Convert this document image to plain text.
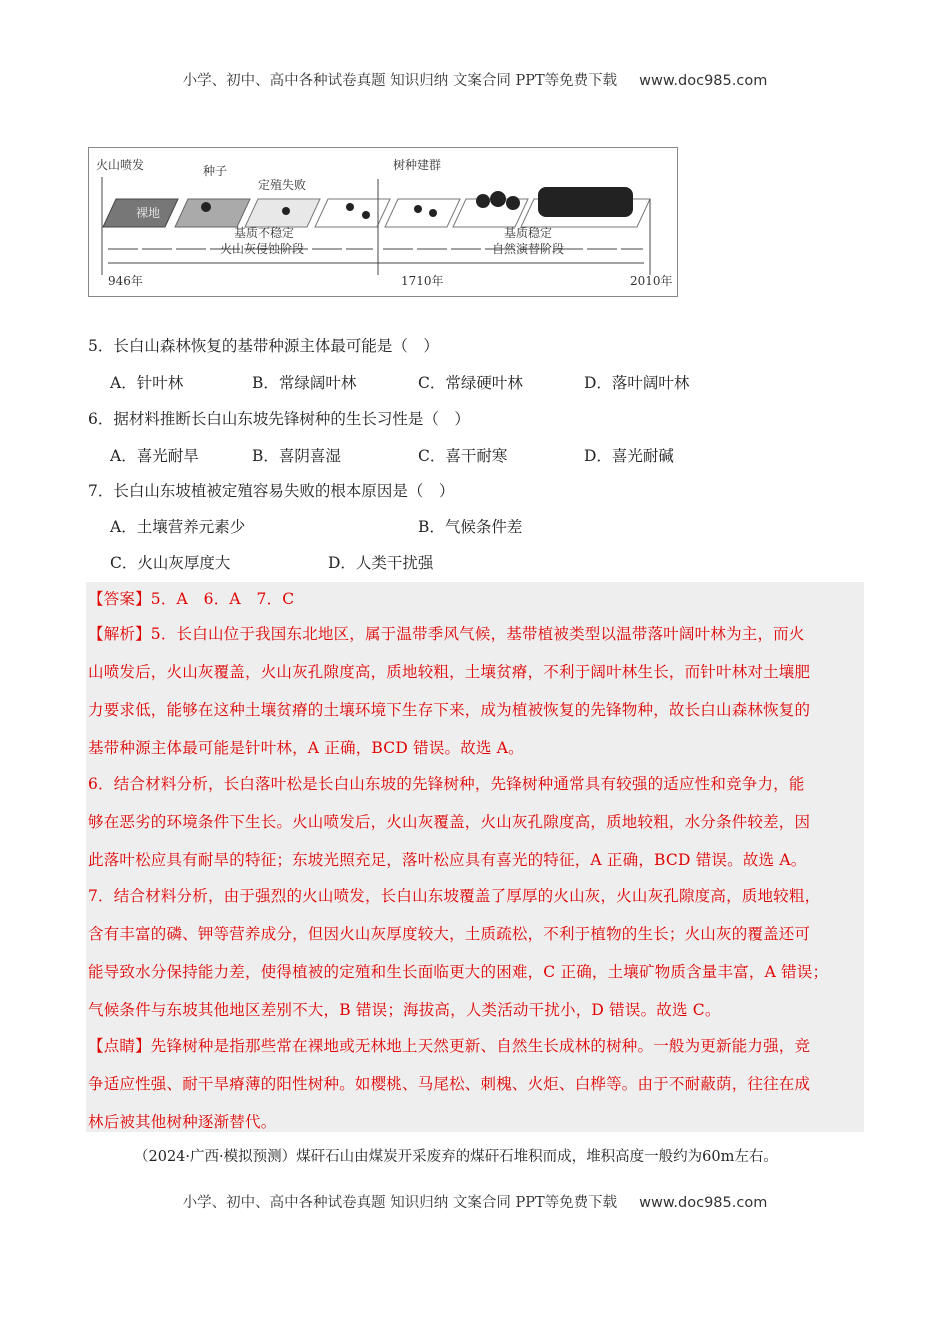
小学、初中、高中各种试卷真题 知识归纳 文案合同 PPT等免费下载 www.doc985.com
火山喷发	种子
定殖失败
树种建群
裸地
基质不稳定
火山灰侵蚀阶段
基质稳定
自然演替阶段
946年	1710年	2010年
5．长白山森林恢复的基带种源主体最可能是（　）
A．针叶林	B．常绿阔叶林	C．常绿硬叶林	D．落叶阔叶林
6．据材料推断长白山东坡先锋树种的生长习性是（　）
A．喜光耐旱	B．喜阴喜湿	C．喜干耐寒	D．喜光耐碱
7．长白山东坡植被定殖容易失败的根本原因是（　）
A．土壤营养元素少	B．气候条件差
C．火山灰厚度大	D．人类干扰强
【答案】5．A　6．A　7．C
【解析】5．长白山位于我国东北地区，属于温带季风气候，基带植被类型以温带落叶阔叶林为主，而火
山喷发后，火山灰覆盖，火山灰孔隙度高，质地较粗，土壤贫瘠，不利于阔叶林生长，而针叶林对土壤肥
力要求低，能够在这种土壤贫瘠的土壤环境下生存下来，成为植被恢复的先锋物种，故长白山森林恢复的
基带种源主体最可能是针叶林，A 正确，BCD 错误。故选 A。
6．结合材料分析，长白落叶松是长白山东坡的先锋树种，先锋树种通常具有较强的适应性和竞争力，能
够在恶劣的环境条件下生长。火山喷发后，火山灰覆盖，火山灰孔隙度高，质地较粗，水分条件较差，因
此落叶松应具有耐旱的特征；东坡光照充足，落叶松应具有喜光的特征，A 正确，BCD 错误。故选 A。
7．结合材料分析，由于强烈的火山喷发，长白山东坡覆盖了厚厚的火山灰，火山灰孔隙度高，质地较粗，
含有丰富的磷、钾等营养成分，但因火山灰厚度较大，土质疏松，不利于植物的生长；火山灰的覆盖还可
能导致水分保持能力差，使得植被的定殖和生长面临更大的困难，C 正确，土壤矿物质含量丰富，A 错误；
气候条件与东坡其他地区差别不大，B 错误；海拔高，人类活动干扰小，D 错误。故选 C。
【点睛】先锋树种是指那些常在裸地或无林地上天然更新、自然生长成林的树种。一般为更新能力强，竞
争适应性强、耐干旱瘠薄的阳性树种。如樱桃、马尾松、刺槐、火炬、白桦等。由于不耐蔽荫，往往在成
林后被其他树种逐渐替代。
（2024·广西·模拟预测）煤矸石山由煤炭开采废弃的煤矸石堆积而成，堆积高度一般约为60m左右。
小学、初中、高中各种试卷真题 知识归纳 文案合同 PPT等免费下载 www.doc985.com
